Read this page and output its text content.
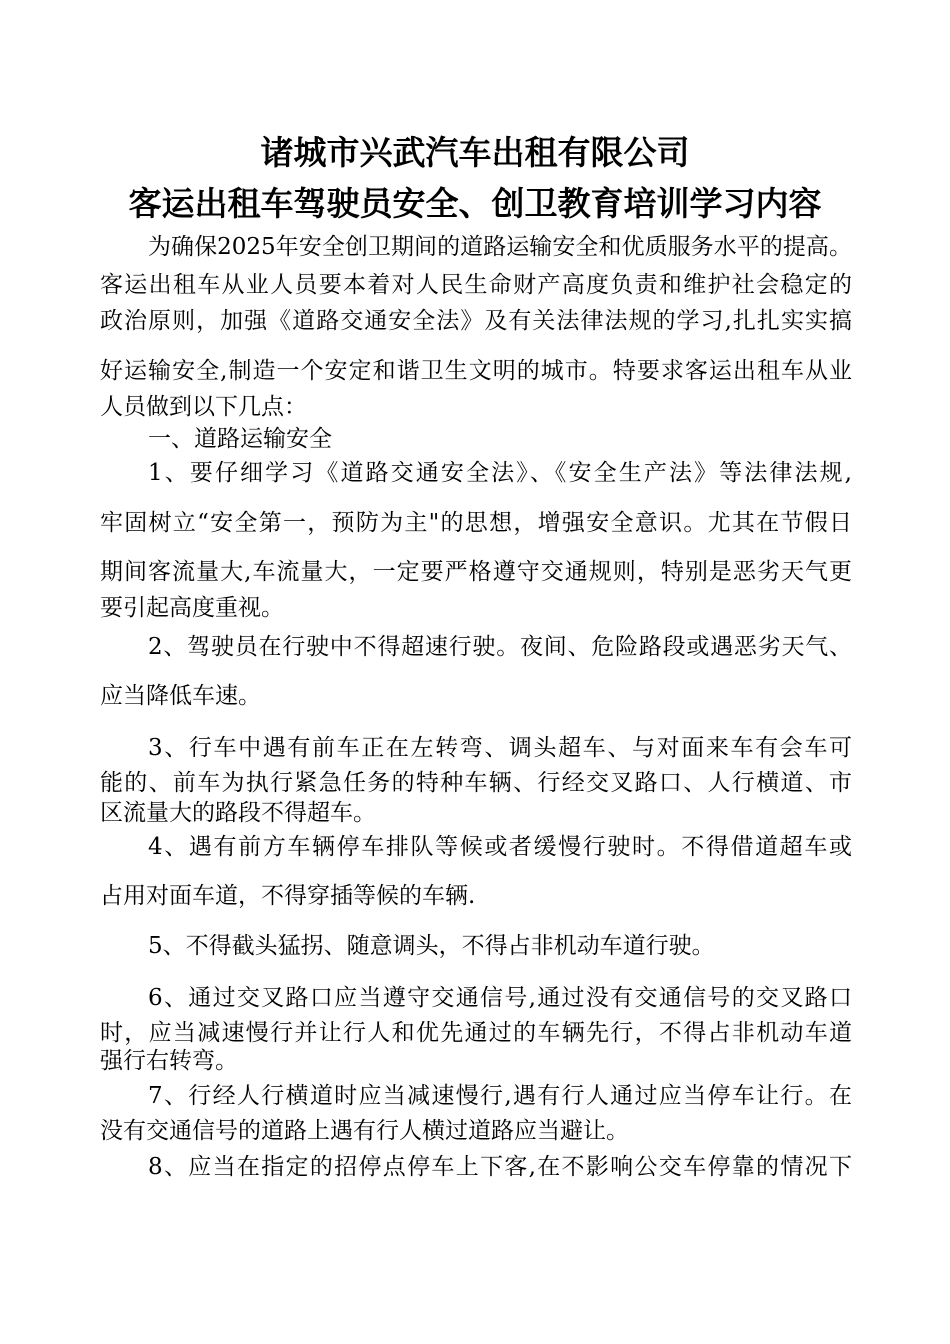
诸城市兴武汽车出租有限公司
客运出租车驾驶员安全、创卫教育培训学习内容
为确保2025年安全创卫期间的道路运输安全和优质服务水平的提高。
客运出租车从业人员要本着对人民生命财产高度负责和维护社会稳定的
政治原则，加强《道路交通安全法》及有关法律法规的学习,扎扎实实搞
好运输安全,制造一个安定和谐卫生文明的城市。特要求客运出租车从业
人员做到以下几点：
一、道路运输安全
1、要仔细学习《道路交通安全法》、《安全生产法》等法律法规,
牢固树立“安全第一，预防为主"的思想，增强安全意识。尤其在节假日
期间客流量大,车流量大，一定要严格遵守交通规则，特别是恶劣天气更
要引起高度重视。
2、驾驶员在行驶中不得超速行驶。夜间、危险路段或遇恶劣天气、
应当降低车速。
3、行车中遇有前车正在左转弯、调头超车、与对面来车有会车可
能的、前车为执行紧急任务的特种车辆、行经交叉路口、人行横道、市
区流量大的路段不得超车。
4、遇有前方车辆停车排队等候或者缓慢行驶时。不得借道超车或
占用对面车道，不得穿插等候的车辆.
5、不得截头猛拐、随意调头，不得占非机动车道行驶。
6、通过交叉路口应当遵守交通信号,通过没有交通信号的交叉路口
时，应当减速慢行并让行人和优先通过的车辆先行，不得占非机动车道
强行右转弯。
7、行经人行横道时应当减速慢行,遇有行人通过应当停车让行。在
没有交通信号的道路上遇有行人横过道路应当避让。
8、应当在指定的招停点停车上下客,在不影响公交车停靠的情况下
